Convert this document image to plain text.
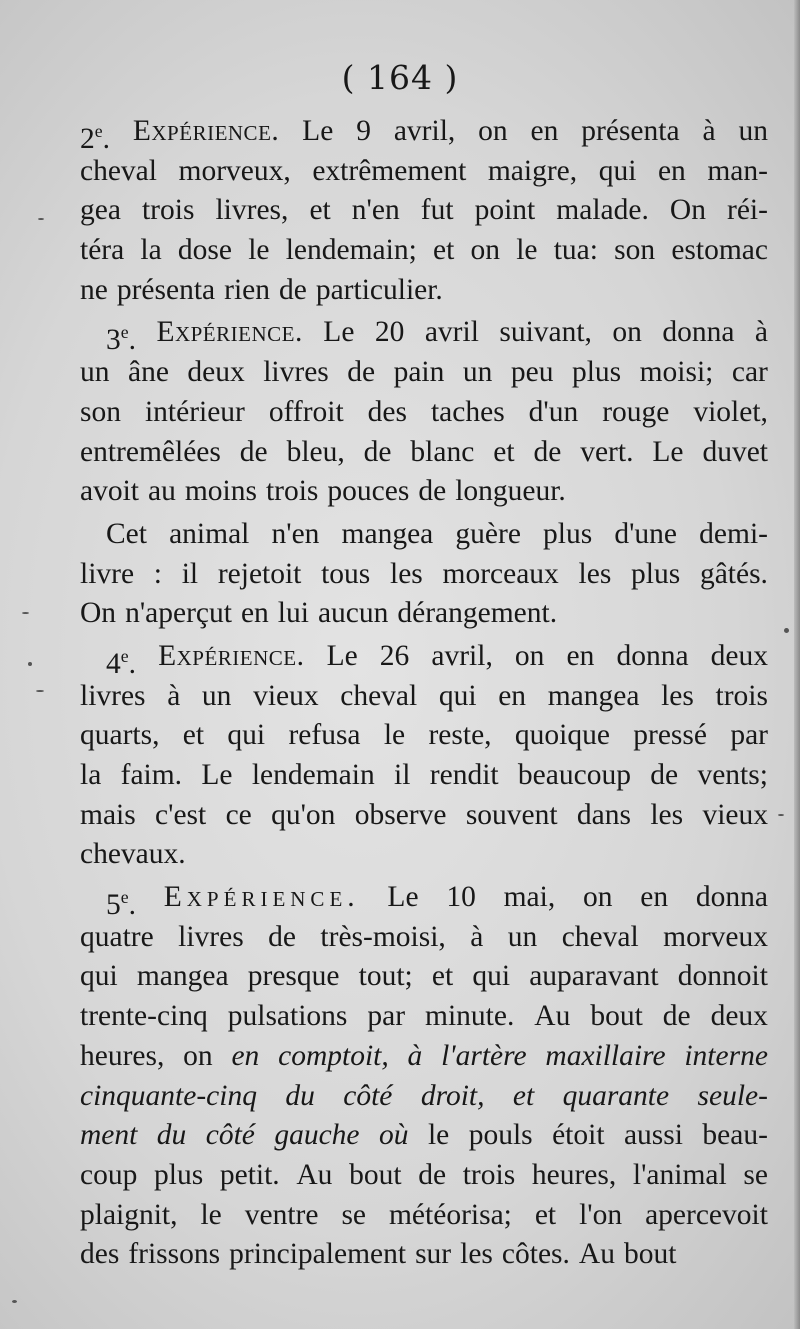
( 164 )
2e. Expérience. Le 9 avril, on en présenta à un
cheval morveux, extrêmement maigre, qui en man-
gea trois livres, et n'en fut point malade. On réi-
téra la dose le lendemain; et on le tua: son estomac
ne présenta rien de particulier.
3e. Expérience. Le 20 avril suivant, on donna à
un âne deux livres de pain un peu plus moisi; car
son intérieur offroit des taches d'un rouge violet,
entremêlées de bleu, de blanc et de vert. Le duvet
avoit au moins trois pouces de longueur.
Cet animal n'en mangea guère plus d'une demi-
livre : il rejetoit tous les morceaux les plus gâtés.
On n'aperçut en lui aucun dérangement.
4e. Expérience. Le 26 avril, on en donna deux
livres à un vieux cheval qui en mangea les trois
quarts, et qui refusa le reste, quoique pressé par
la faim. Le lendemain il rendit beaucoup de vents;
mais c'est ce qu'on observe souvent dans les vieux
chevaux.
5e. Expérience. Le 10 mai, on en donna
quatre livres de très-moisi, à un cheval morveux
qui mangea presque tout; et qui auparavant donnoit
trente-cinq pulsations par minute. Au bout de deux
heures, on en comptoit, à l'artère maxillaire interne
cinquante-cinq du côté droit, et quarante seule-
ment du côté gauche où le pouls étoit aussi beau-
coup plus petit. Au bout de trois heures, l'animal se
plaignit, le ventre se météorisa; et l'on apercevoit
des frissons principalement sur les côtes. Au bout
